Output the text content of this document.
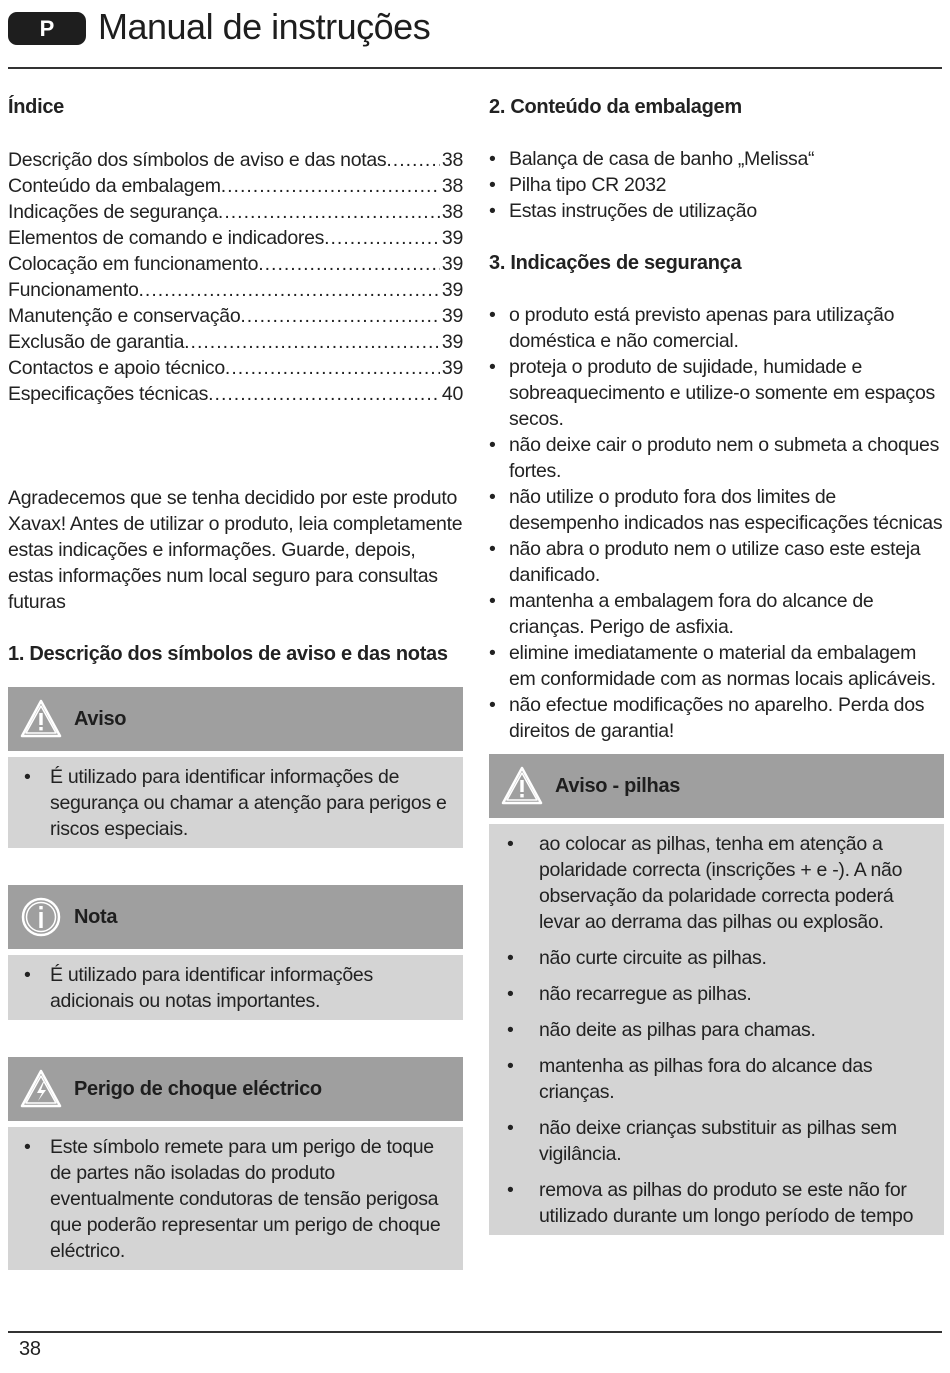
P	Manual de instruções
Índice
Descrição dos símbolos de aviso e das notas .....	38
Conteúdo da embalagem .....	38
Indicações de segurança .....	38
Elementos de comando e indicadores .....	39
Colocação em funcionamento .....	39
Funcionamento .....	39
Manutenção e conservação .....	39
Exclusão de garantia .....	39
Contactos e apoio técnico .....	39
Especificações técnicas .....	40
Agradecemos que se tenha decidido por este produto Xavax! Antes de utilizar o produto, leia completamente estas indicações e informações. Guarde, depois, estas informações num local seguro para consultas futuras
1. Descrição dos símbolos de aviso e das notas
Aviso
• É utilizado para identificar informações de segurança ou chamar a atenção para perigos e riscos especiais.
Nota
• É utilizado para identificar informações adicionais ou notas importantes.
Perigo de choque eléctrico
• Este símbolo remete para um perigo de toque de partes não isoladas do produto eventualmente condutoras de tensão perigosa que poderão representar um perigo de choque eléctrico.
2. Conteúdo da embalagem
• Balança de casa de banho „Melissa“
• Pilha tipo CR 2032
• Estas instruções de utilização
3. Indicações de segurança
• o produto está previsto apenas para utilização doméstica e não comercial.
• proteja o produto de sujidade, humidade e sobreaquecimento e utilize-o somente em espaços secos.
• não deixe cair o produto nem o submeta a choques fortes.
• não utilize o produto fora dos limites de desempenho indicados nas especificações técnicas
• não abra o produto nem o utilize caso este esteja danificado.
• mantenha a embalagem fora do alcance de crianças. Perigo de asfixia.
• elimine imediatamente o material da embalagem em conformidade com as normas locais aplicáveis.
• não efectue modificações no aparelho. Perda dos direitos de garantia!
Aviso - pilhas
•	ao colocar as pilhas, tenha em atenção a polaridade correcta (inscrições + e -). A não observação da polaridade correcta poderá levar ao derrama das pilhas ou explosão.
•	não curte circuite as pilhas.
•	não recarregue as pilhas.
•	não deite as pilhas para chamas.
•	mantenha as pilhas fora do alcance das crianças.
•	não deixe crianças substituir as pilhas sem vigilância.
•	remova as pilhas do produto se este não for utilizado durante um longo período de tempo
38
